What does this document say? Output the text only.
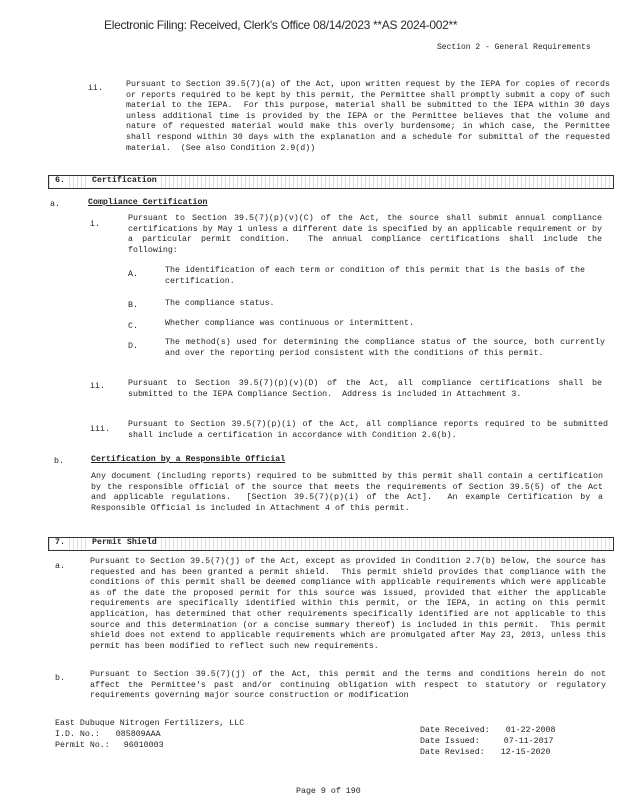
Electronic Filing: Received, Clerk's Office 08/14/2023 **AS 2024-002**
Section 2 - General Requirements
ii.	Pursuant to Section 39.5(7)(a) of the Act, upon written request by the IEPA for copies of records or reports required to be kept by this permit, the Permittee shall promptly submit a copy of such material to the IEPA.  For this purpose, material shall be submitted to the IEPA within 30 days unless additional time is provided by the IEPA or the Permittee believes that the volume and nature of requested material would make this overly burdensome; in which case, the Permittee shall respond within 30 days with the explanation and a schedule for submittal of the requested material.  (See also Condition 2.9(d))
6.	Certification
a.	Compliance Certification
i.
Pursuant to Section 39.5(7)(p)(v)(C) of the Act, the source shall submit annual compliance certifications by May 1 unless a different date is specified by an applicable requirement or by a particular permit condition.  The annual compliance certifications shall include the following:
A.	The identification of each term or condition of this permit that is the basis of the certification.
B.	The compliance status.
C.	Whether compliance was continuous or intermittent.
D.	The method(s) used for determining the compliance status of the source, both currently and over the reporting period consistent with the conditions of this permit.
ii.	Pursuant to Section 39.5(7)(p)(v)(D) of the Act, all compliance certifications shall be submitted to the IEPA Compliance Section.  Address is included in Attachment 3.
iii.
Pursuant to Section 39.5(7)(p)(i) of the Act, all compliance reports required to be submitted shall include a certification in accordance with Condition 2.6(b).
b.	Certification by a Responsible Official
Any document (including reports) required to be submitted by this permit shall contain a certification by the responsible official of the source that meets the requirements of Section 39.5(5) of the Act and applicable regulations.  [Section 39.5(7)(p)(i) of the Act].  An example Certification by a Responsible Official is included in Attachment 4 of this permit.
7.	Permit Shield
a.
Pursuant to Section 39.5(7)(j) of the Act, except as provided in Condition 2.7(b) below, the source has requested and has been granted a permit shield.  This permit shield provides that compliance with the conditions of this permit shall be deemed compliance with applicable requirements which were applicable as of the date the proposed permit for this source was issued, provided that either the applicable requirements are specifically identified within this permit, or the IEPA, in acting on this permit application, has determined that other requirements specifically identified are not applicable to this source and this determination (or a concise summary thereof) is included in this permit.  This permit shield does not extend to applicable requirements which are promulgated after May 23, 2013, unless this permit has been modified to reflect such new requirements.
b.	Pursuant to Section 39.5(7)(j) of the Act, this permit and the terms and conditions herein do not affect the Permittee's past and/or continuing obligation with respect to statutory or regulatory requirements governing major source construction or modification
East Dubuque Nitrogen Fertilizers, LLC
I.D. No.: 085809AAA
Permit No.: 96010003
Date Received: 01-22-2008
Date Issued:	07-11-2017
Date Revised: 12-15-2020
Page 9 of 190
